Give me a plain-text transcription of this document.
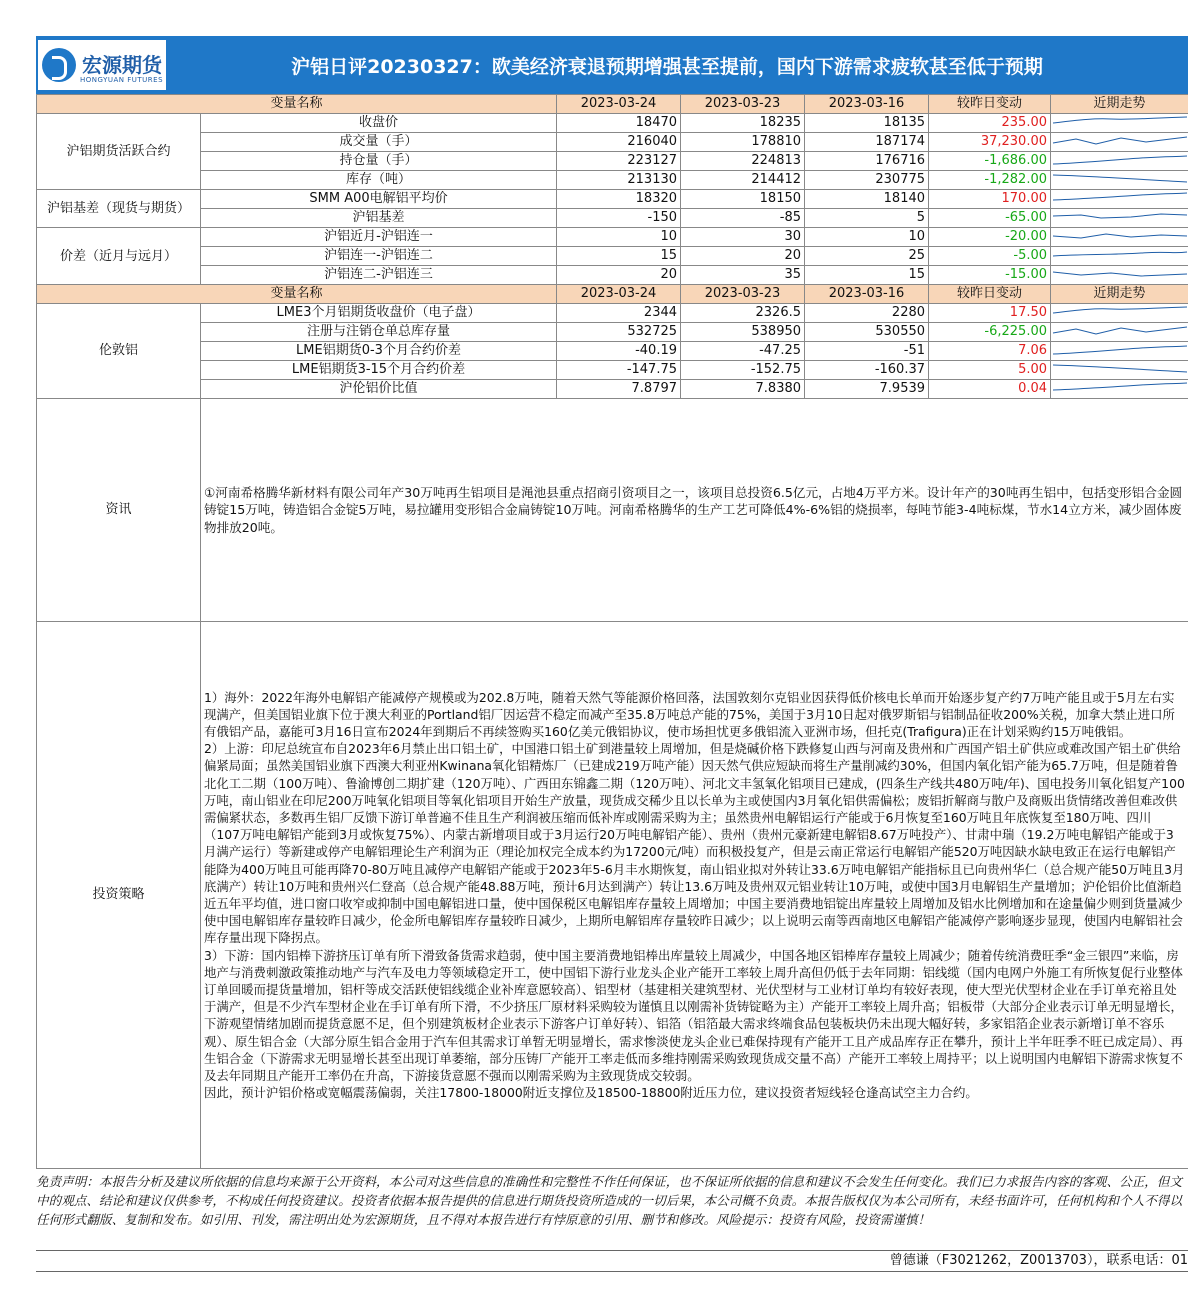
宏源期货
HONGYUAN FUTURES
沪铝日评20230327：欧美经济衰退预期增强甚至提前，国内下游需求疲软甚至低于预期
变量名称		2023-03-24	2023-03-23	2023-03-16	较昨日变动	近期走势
沪铝期货活跃合约	收盘价	18470	18235	18135	235.00	

	成交量（手）	216040	178810	187174	37,230.00	

	持仓量（手）	223127	224813	176716	-1,686.00	

	库存（吨）	213130	214412	230775	-1,282.00	

沪铝基差（现货与期货）	SMM A00电解铝平均价	18320	18150	18140	170.00	

	沪铝基差	-150	-85	5	-65.00	

价差（近月与远月）	沪铝近月-沪铝连一	10	30	10	-20.00	

	沪铝连一-沪铝连二	15	20	25	-5.00	

	沪铝连二-沪铝连三	20	35	15	-15.00	

变量名称		2023-03-24	2023-03-23	2023-03-16	较昨日变动	近期走势
伦敦铝	LME3个月铝期货收盘价（电子盘）	2344	2326.5	2280	17.50	

	注册与注销仓单总库存量	532725	538950	530550	-6,225.00	

	LME铝期货0-3个月合约价差	-40.19	-47.25	-51	7.06	

	LME铝期货3-15个月合约价差	-147.75	-152.75	-160.37	5.00	

	沪伦铝价比值	7.8797	7.8380	7.9539	0.04	

资讯	①河南希格腾华新材料有限公司年产30万吨再生铝项目是渑池县重点招商引资项目之一，该项目总投资6.5亿元，占地4万平方米。设计年产的30吨再生铝中，包括变形铝合金圆铸锭15万吨，铸造铝合金锭5万吨，易拉罐用变形铝合金扁铸锭10万吨。河南希格腾华的生产工艺可降低4%-6%铝的烧损率，每吨节能3-4吨标煤，节水14立方米，减少固体废物排放20吨。					
投资策略	1）海外：2022年海外电解铝产能减停产规模或为202.8万吨，随着天然气等能源价格回落，法国敦刻尔克铝业因获得低价核电长单而开始逐步复产约7万吨产能且或于5月左右实现满产，但美国铝业旗下位于澳大利亚的Portland铝厂因运营不稳定而减产至35.8万吨总产能的75%，美国于3月10日起对俄罗斯铝与铝制品征收200%关税，加拿大禁止进口所有俄铝产品，嘉能可3月16日宣布2024年到期后不再续签购买160亿美元俄铝协议，使市场担忧更多俄铝流入亚洲市场，但托克(Trafigura)正在计划采购约15万吨俄铝。
2）上游：印尼总统宣布自2023年6月禁止出口铝土矿，中国港口铝土矿到港量较上周增加，但是烧碱价格下跌修复山西与河南及贵州和广西国产铝土矿供应或难改国产铝土矿供给偏紧局面；虽然美国铝业旗下西澳大利亚州Kwinana氧化铝精炼厂（已建成219万吨产能）因天然气供应短缺而将生产量削减约30%，但国内氧化铝产能为65.7万吨，但是随着鲁北化工二期（100万吨）、鲁渝博创二期扩建（120万吨）、广西田东锦鑫二期（120万吨）、河北文丰氢氧化铝项目已建成，(四条生产线共480万吨/年)、国电投务川氧化铝复产100万吨，南山铝业在印尼200万吨氧化铝项目等氧化铝项目开始生产放量，现货成交稀少且以长单为主或使国内3月氧化铝供需偏松；废铝折解商与散户及商贩出货情绪改善但难改供需偏紧状态，多数再生铝厂反馈下游订单普遍不佳且生产利润被压缩而低补库或刚需采购为主；虽然贵州电解铝运行产能或于6月恢复至160万吨且年底恢复至180万吨、四川（107万吨电解铝产能到3月或恢复75%）、内蒙古新增项目或于3月运行20万吨电解铝产能）、贵州（贵州元豪新建电解铝8.67万吨投产）、甘肃中瑞（19.2万吨电解铝产能或于3月满产运行）等新建或停产电解铝理论生产利润为正（理论加权完全成本约为17200元/吨）而积极投复产，但是云南正常运行电解铝产能520万吨因缺水缺电致正在运行电解铝产能降为400万吨且可能再降70-80万吨且减停产电解铝产能或于2023年5-6月丰水期恢复，南山铝业拟对外转让33.6万吨电解铝产能指标且已向贵州华仁（总合规产能50万吨且3月底满产）转让10万吨和贵州兴仁登高（总合规产能48.88万吨，预计6月达到满产）转让13.6万吨及贵州双元铝业转让10万吨，或使中国3月电解铝生产量增加；沪伦铝价比值渐趋近五年平均值，进口窗口收窄或抑制中国电解铝进口量，使中国保税区电解铝库存量较上周增加；中国主要消费地铝锭出库量较上周增加及铝水比例增加和在途量偏少则到货量减少使中国电解铝库存量较昨日减少，伦金所电解铝库存量较昨日减少，上期所电解铝库存量较昨日减少；以上说明云南等西南地区电解铝产能减停产影响逐步显现，使国内电解铝社会库存量出现下降拐点。
3）下游：国内铝棒下游挤压订单有所下滑致备货需求趋弱，使中国主要消费地铝棒出库量较上周减少，中国各地区铝棒库存量较上周减少；随着传统消费旺季“金三银四”来临，房地产与消费刺激政策推动地产与汽车及电力等领域稳定开工，使中国铝下游行业龙头企业产能开工率较上周升高但仍低于去年同期：铝线缆（国内电网户外施工有所恢复促行业整体订单回暖而提货量增加，铝杆等成交活跃使铝线缆企业补库意愿较高）、铝型材（基建相关建筑型材、光伏型材与工业材订单均有较好表现，使大型光伏型材企业在手订单充裕且处于满产，但是不少汽车型材企业在手订单有所下滑，不少挤压厂原材料采购较为谨慎且以刚需补货铸锭略为主）产能开工率较上周升高；铝板带（大部分企业表示订单无明显增长，下游观望情绪加剧而提货意愿不足，但个别建筑板材企业表示下游客户订单好转）、铝箔（铝箔最大需求终端食品包装板块仍未出现大幅好转，多家铝箔企业表示新增订单不容乐观）、原生铝合金（大部分原生铝合金用于汽车但其需求订单暂无明显增长，需求惨淡使龙头企业已难保持现有产能开工且产成品库存正在攀升，预计上半年旺季不旺已成定局）、再生铝合金（下游需求无明显增长甚至出现订单萎缩，部分压铸厂产能开工率走低而多维持刚需采购致现货成交量不高）产能开工率较上周持平；以上说明国内电解铝下游需求恢复不及去年同期且产能开工率仍在升高，下游接货意愿不强而以刚需采购为主致现货成交较弱。
因此，预计沪铝价格或宽幅震荡偏弱，关注17800-18000附近支撑位及18500-18800附近压力位，建议投资者短线轻仓逢高试空主力合约。					
免责声明：本报告分析及建议所依据的信息均来源于公开资料，本公司对这些信息的准确性和完整性不作任何保证，也不保证所依据的信息和建议不会发生任何变化。我们已力求报告内容的客观、公正，但文中的观点、结论和建议仅供参考，不构成任何投资建议。投资者依据本报告提供的信息进行期货投资所造成的一切后果，本公司概不负责。本报告版权仅为本公司所有，未经书面许可，任何机构和个人不得以任何形式翻版、复制和发布。如引用、刊发，需注明出处为宏源期货，且不得对本报告进行有悖原意的引用、删节和修改。风险提示：投资有风险，投资需谨慎！
曾德谦（F3021262，Z0013703），联系电话：01
